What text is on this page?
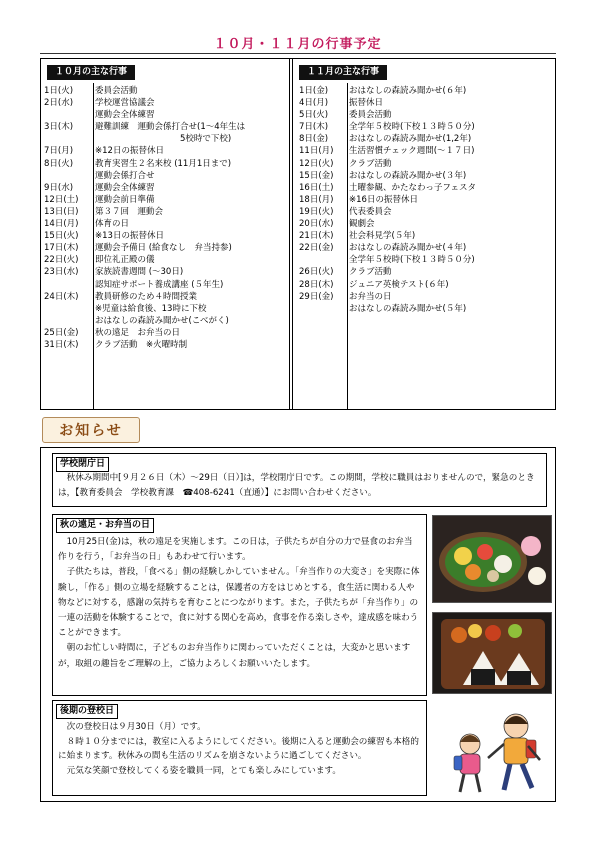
１０月・１１月の行事予定
１０月の主な行事
1日(火)	委員会活動
2日(水)	学校運営協議会
運動会全体練習
3日(木)	避難訓練　運動会係打合せ(1～4年生は
　　　　　　　　　　5校時で下校)
7日(月)	※12日の振替休日
8日(火)	教育実習生２名来校 (11月1日まで)
運動会係打合せ
9日(水)	運動会全体練習
12日(土)	運動会前日準備
13日(日)	第３７回　運動会
14日(月)	体育の日
15日(火)	※13日の振替休日
17日(木)	運動会予備日 (給食なし　弁当持参)
22日(火)	即位礼正殿の儀
23日(水)	家族読書週間 (～30日)
認知症サポート養成講座 (５年生)
24日(木)	教員研修のため４時間授業
※児童は給食後、13時に下校
おはなしの森読み聞かせ(こべがく)
25日(金)	秋の遠足　お弁当の日
31日(木)	クラブ活動　※火曜時制
１１月の主な行事
1日(金)	おはなしの森読み聞かせ(６年)
4日(月)	振替休日
5日(火)	委員会活動
7日(木)	全学年５校時(下校１３時５０分)
8日(金)	おはなしの森読み聞かせ(1,2年)
11日(月)	生活習慣チェック週間(～１７日)
12日(火)	クラブ活動
15日(金)	おはなしの森読み聞かせ(３年)
16日(土)	土曜参観、かたなわっ子フェスタ
18日(月)	※16日の振替休日
19日(火)	代表委員会
20日(水)	観劇会
21日(木)	社会科見学(５年)
22日(金)	おはなしの森読み聞かせ(４年)
全学年５校時(下校１３時５０分)
26日(火)	クラブ活動
28日(木)	ジュニア英検テスト(６年)
29日(金)	お弁当の日
おはなしの森読み聞かせ(５年)
お知らせ
学校閉庁日
　秋休み期間中[９月２６日（木）～29日（日）]は，学校閉庁日です。この期間，学校に職員はおりませんので，緊急のときは，【教育委員会　学校教育課　☎408-6241（直通）】にお問い合わせください。
秋の遠足・お弁当の日
　10月25日(金)は，秋の遠足を実施します。この日は，子供たちが自分の力で昼食のお弁当作りを行う，「お弁当の日」もあわせて行います。
　子供たちは，普段，「食べる」側の経験しかしていません。「弁当作りの大変さ」を実際に体験し，「作る」側の立場を経験することは，保護者の方をはじめとする，食生活に関わる人や物などに対する，感謝の気持ちを育むことにつながります。また，子供たちが「弁当作り」の一連の活動を体験することで，食に対する関心を高め，食事を作る楽しさや，達成感を味わうことができます。
　朝のお忙しい時間に，子どものお弁当作りに関わっていただくことは，大変かと思いますが，取組の趣旨をご理解の上，ご協力よろしくお願いいたします。
後期の登校日
　次の登校日は９月30日（月）です。
　８時１０分までには，教室に入るようにしてください。後期に入ると運動会の練習も本格的に始まります。秋休みの間も生活のリズムを崩さないように過ごしてください。
　元気な笑顔で登校してくる姿を職員一同，とても楽しみにしています。
